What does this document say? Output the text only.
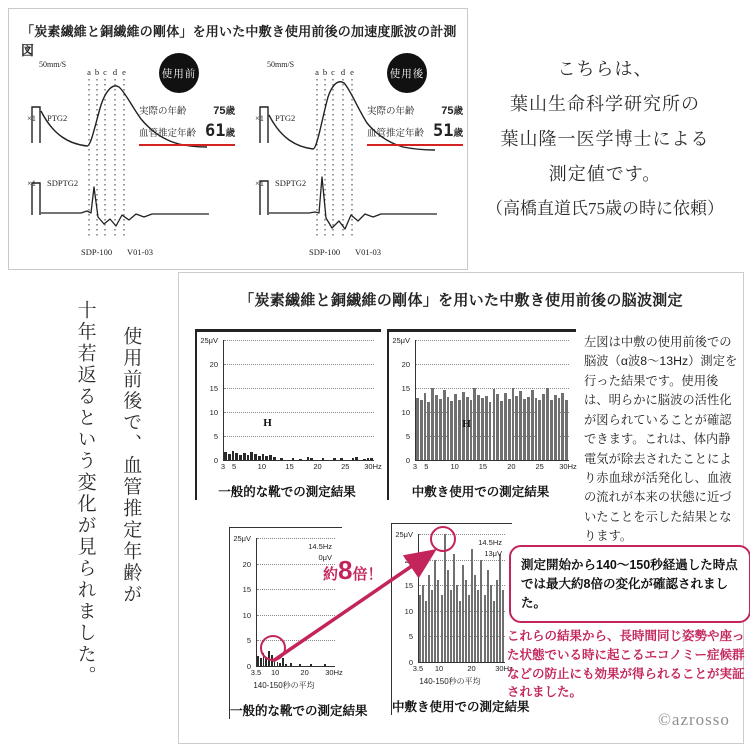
「炭素繊維と銅繊維の剛体」を用いた中敷き使用前後の加速度脈波の計測図
50mm/S
a b c d e
×1 PTG2
×1 SDPTG2
SDP-100 V01-03
使用前
実際の年齢 75歳
血管推定年齢 61歳
50mm/S
a b c d e
×1 PTG2
×1 SDPTG2
SDP-100 V01-03
使用後
実際の年齢 75歳
血管推定年齢 51歳
こちらは、
葉山生命科学研究所の
葉山隆一医学博士による
測定値です。
（高橋直道氏75歳の時に依頼）
使用前後で、血管推定年齢が
十年若返るという変化が見られました。	「炭素繊維と銅繊維の剛体」を用いた中敷き使用前後の脳波測定
25μV
20
15
10
5
0
H
3 5	10	15	20	25 30Hz
一般的な靴での測定結果
25μV
20
15
10
5
0
H
3 5	10	15	20	25 30Hz
中敷き使用での測定結果
左図は中敷の使用前後での脳波（α波8～13Hz）測定を行った結果です。使用後は、明らかに脳波の活性化が図られていることが確認できます。これは、体内静電気が除去されたことにより赤血球が活発化し、血液の流れが本来の状態に近づいたことを示した結果となります。
25μV
20
15
10
5
0
14.5Hz
0μV
3.5 10	20 30Hz
140-150秒の平均
一般的な靴での測定結果
25μV
20
15
10
5
0
14.5Hz
13μV
3.5 10	20	30Hz
140-150秒の平均
中敷き使用での測定結果
約8倍！
測定開始から140～150秒経過した時点では最大約8倍の変化が確認されました。
これらの結果から、長時間同じ姿勢や座った状態でいる時に起こるエコノミー症候群などの防止にも効果が得られることが実証されました。
©azrosso
